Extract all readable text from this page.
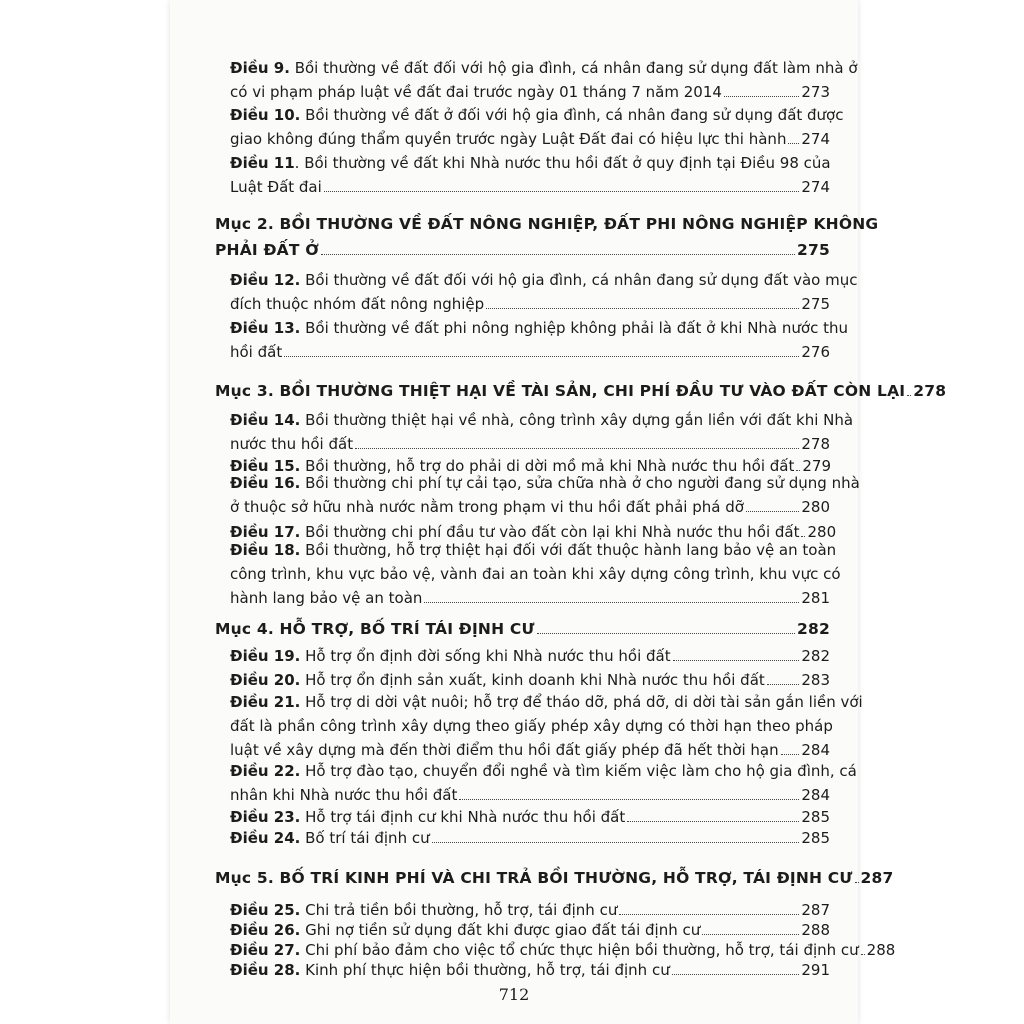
Điều 9. Bồi thường về đất đối với hộ gia đình, cá nhân đang sử dụng đất làm nhà ở
có vi phạm pháp luật về đất đai trước ngày 01 tháng 7 năm 2014	273
Điều 10. Bồi thường về đất ở đối với hộ gia đình, cá nhân đang sử dụng đất được
giao không đúng thẩm quyền trước ngày Luật Đất đai có hiệu lực thi hành 274
Điều 11. Bồi thường về đất khi Nhà nước thu hồi đất ở quy định tại Điều 98 của
Luật Đất đai	274
Mục 2. BỒI THƯỜNG VỀ ĐẤT NÔNG NGHIỆP, ĐẤT PHI NÔNG NGHIỆP KHÔNG
PHẢI ĐẤT Ở	275
Điều 12. Bồi thường về đất đối với hộ gia đình, cá nhân đang sử dụng đất vào mục
đích thuộc nhóm đất nông nghiệp	275
Điều 13. Bồi thường về đất phi nông nghiệp không phải là đất ở khi Nhà nước thu
hồi đất	276
Mục 3. BỒI THƯỜNG THIỆT HẠI VỀ TÀI SẢN, CHI PHÍ ĐẦU TƯ VÀO ĐẤT CÒN LẠI 278
Điều 14. Bồi thường thiệt hại về nhà, công trình xây dựng gắn liền với đất khi Nhà
nước thu hồi đất	278
Điều 15. Bồi thường, hỗ trợ do phải di dời mồ mả khi Nhà nước thu hồi đất 279
Điều 16. Bồi thường chi phí tự cải tạo, sửa chữa nhà ở cho người đang sử dụng nhà
ở thuộc sở hữu nhà nước nằm trong phạm vi thu hồi đất phải phá dỡ	280
Điều 17. Bồi thường chi phí đầu tư vào đất còn lại khi Nhà nước thu hồi đất 280
Điều 18. Bồi thường, hỗ trợ thiệt hại đối với đất thuộc hành lang bảo vệ an toàn
công trình, khu vực bảo vệ, vành đai an toàn khi xây dựng công trình, khu vực có
hành lang bảo vệ an toàn	281
Mục 4. HỖ TRỢ, BỐ TRÍ TÁI ĐỊNH CƯ	282
Điều 19. Hỗ trợ ổn định đời sống khi Nhà nước thu hồi đất	282
Điều 20. Hỗ trợ ổn định sản xuất, kinh doanh khi Nhà nước thu hồi đất 283
Điều 21. Hỗ trợ di dời vật nuôi; hỗ trợ để tháo dỡ, phá dỡ, di dời tài sản gắn liền với
đất là phần công trình xây dựng theo giấy phép xây dựng có thời hạn theo pháp
luật về xây dựng mà đến thời điểm thu hồi đất giấy phép đã hết thời hạn 284
Điều 22. Hỗ trợ đào tạo, chuyển đổi nghề và tìm kiếm việc làm cho hộ gia đình, cá
nhân khi Nhà nước thu hồi đất	284
Điều 23. Hỗ trợ tái định cư khi Nhà nước thu hồi đất	285
Điều 24. Bố trí tái định cư	285
Mục 5. BỐ TRÍ KINH PHÍ VÀ CHI TRẢ BỒI THƯỜNG, HỖ TRỢ, TÁI ĐỊNH CƯ 287
Điều 25. Chi trả tiền bồi thường, hỗ trợ, tái định cư	287
Điều 26. Ghi nợ tiền sử dụng đất khi được giao đất tái định cư	288
Điều 27. Chi phí bảo đảm cho việc tổ chức thực hiện bồi thường, hỗ trợ, tái định cư 288
Điều 28. Kinh phí thực hiện bồi thường, hỗ trợ, tái định cư	291
712
